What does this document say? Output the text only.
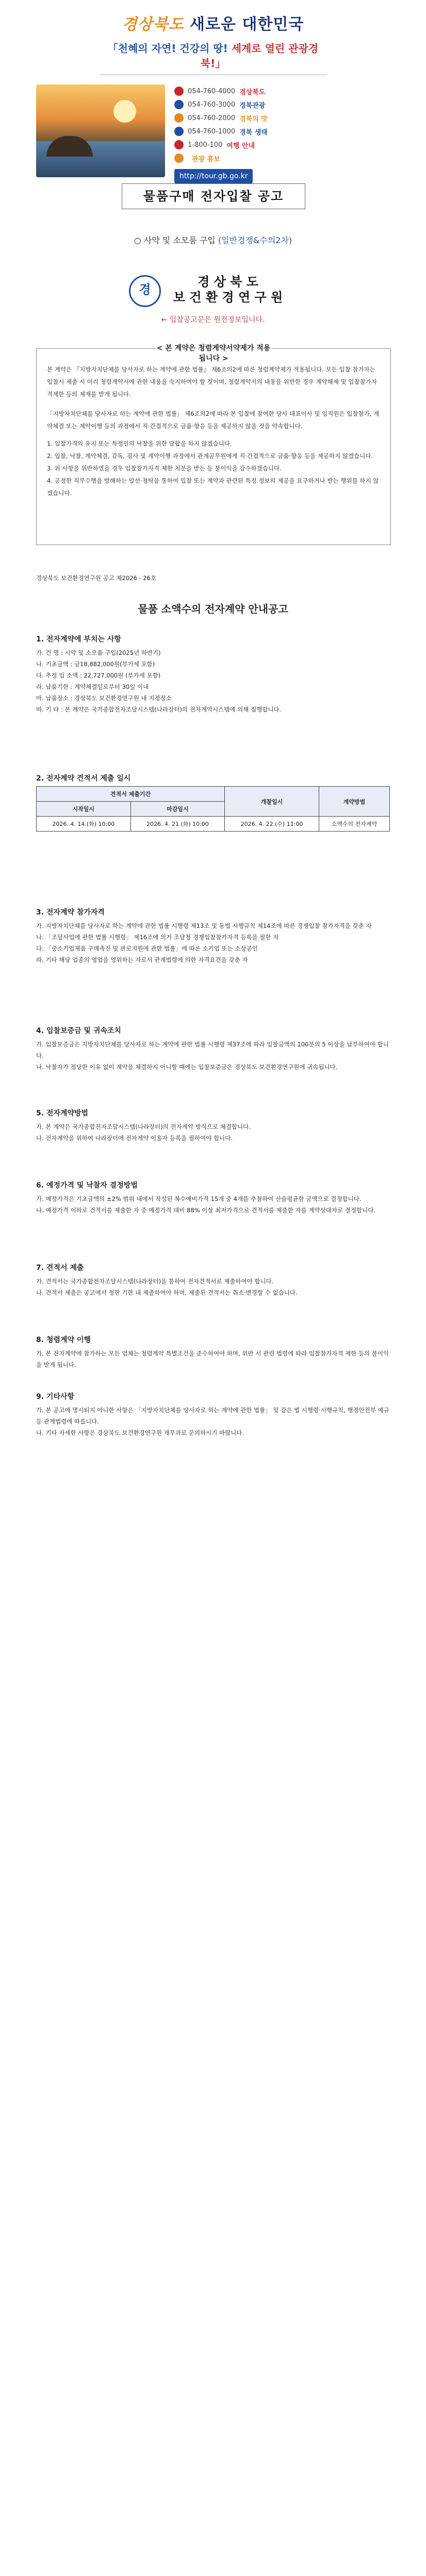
경상북도 새로운 대한민국
「천혜의 자연! 건강의 땅! 세계로 열린 관광경북!」
054-760-4000 경상북도
054-760-3000 경북관광
054-760-2000 경북의 맛
054-760-1000 경북 생태
1-800-100 여행 안내
관광 홍보
http://tour.gb.go.kr
물품구매 전자입찰 공고
○ 사약 및 소모품 구입 (일반경쟁&수의2차)
경
경 상 북 도
보 건 환 경 연 구 원
← 입찰공고문은 원전정보입니다.
< 본 계약은 청렴계약서약제가 적용됩니다 >

본 계약은 『지방자치단체를 당사자로 하는 계약에 관한 법률』 제6조의2에 따른 청렴계약제가 적용됩니다. 모든 입찰 참가자는 입찰시 제출 시 미리 청렴계약서에 관한 내용을 숙지하여야 할 것이며, 청렴계약서의 내용을 위반한 경우 계약해제 및 입찰참가자격제한 등의 제재를 받게 됩니다.

「지방자치단체를 당사자로 하는 계약에 관한 법률」 제6조의2에 따라 본 입찰에 참여한 당사 대표이사 및 임직원은 입찰참가, 계약체결 또는 계약이행 등의 과정에서 직·간접적으로 금품·향응 등을 제공하지 않을 것을 약속합니다.

1. 입찰가격의 유지 또는 특정인의 낙찰을 위한 담합을 하지 않겠습니다.

2. 입찰, 낙찰, 계약체결, 감독, 검사 및 계약이행 과정에서 관계공무원에게 직·간접적으로 금품·향응 등을 제공하지 않겠습니다.

3. 위 사항을 위반하였을 경우 입찰참가자격 제한 처분을 받는 등 불이익을 감수하겠습니다.

4. 공정한 직무수행을 방해하는 알선·청탁을 통하여 입찰 또는 계약과 관련된 특정 정보의 제공을 요구하거나 받는 행위를 하지 않겠습니다.

경상북도 보건환경연구원 공고 제2026 - 26호
물품 소액수의 전자계약 안내공고
1. 전자계약에 부치는 사항

가. 건 명 : 시약 및 소모품 구입(2025년 하반기)

나. 기초금액 : 금18,882,000원(부가세 포함)

다. 추정 입 소액 : 22,727,000원 (부가세 포함)

라. 납품기한 : 계약체결일로부터 30일 이내

마. 납품장소 : 경상북도 보건환경연구원 내 지정장소

바. 기 타 : 본 계약은 국가종합전자조달시스템(나라장터)의 전자계약시스템에 의해 집행합니다.

2. 전자계약 견적서 제출 일시
견적서 제출기간		개찰일시	계약방법
시작일시	마감일시		
2026. 4. 14.(화) 10:00	2026. 4. 21.(화) 10:00	2026. 4. 22.(수) 11:00	소액수의 전자계약
3. 전자계약 참가자격

가. 지방자치단체를 당사자로 하는 계약에 관한 법률 시행령 제13조 및 동법 시행규칙 제14조에 따른 경쟁입찰 참가자격을 갖춘 자

나. 「조달사업에 관한 법률 시행령」 제16조에 의거 조달청 경쟁입찰참가자격 등록을 필한 자

다. 「중소기업제품 구매촉진 및 판로지원에 관한 법률」에 따른 소기업 또는 소상공인

라. 기타 해당 업종의 영업을 영위하는 자로서 관계법령에 의한 자격요건을 갖춘 자

4. 입찰보증금 및 귀속조치

가. 입찰보증금은 지방자치단체를 당사자로 하는 계약에 관한 법률 시행령 제37조에 따라 입찰금액의 100분의 5 이상을 납부하여야 합니다.

나. 낙찰자가 정당한 이유 없이 계약을 체결하지 아니할 때에는 입찰보증금은 경상북도 보건환경연구원에 귀속됩니다.

5. 전자계약방법

가. 본 계약은 국가종합전자조달시스템(나라장터)의 전자계약 방식으로 체결합니다.

나. 전자계약을 위하여 나라장터에 전자계약 이용자 등록을 필하여야 합니다.

6. 예정가격 및 낙찰자 결정방법

가. 예정가격은 기초금액의 ±2% 범위 내에서 작성된 복수예비가격 15개 중 4개를 추첨하여 산술평균한 금액으로 결정합니다.

나. 예정가격 이하로 견적서를 제출한 자 중 예정가격 대비 88% 이상 최저가격으로 견적서를 제출한 자를 계약상대자로 결정합니다.

7. 견적서 제출

가. 견적서는 국가종합전자조달시스템(나라장터)을 통하여 전자견적서로 제출하여야 합니다.

나. 견적서 제출은 공고에서 정한 기한 내 제출하여야 하며, 제출된 견적서는 취소·변경할 수 없습니다.

8. 청렴계약 이행

가. 본 전자계약에 참가하는 모든 업체는 청렴계약 특별조건을 준수하여야 하며, 위반 시 관련 법령에 따라 입찰참가자격 제한 등의 불이익을 받게 됩니다.

9. 기타사항

가. 본 공고에 명시되지 아니한 사항은 「지방자치단체를 당사자로 하는 계약에 관한 법률」 및 같은 법 시행령·시행규칙, 행정안전부 예규 등 관계법령에 따릅니다.

나. 기타 자세한 사항은 경상북도 보건환경연구원 재무과로 문의하시기 바랍니다.
